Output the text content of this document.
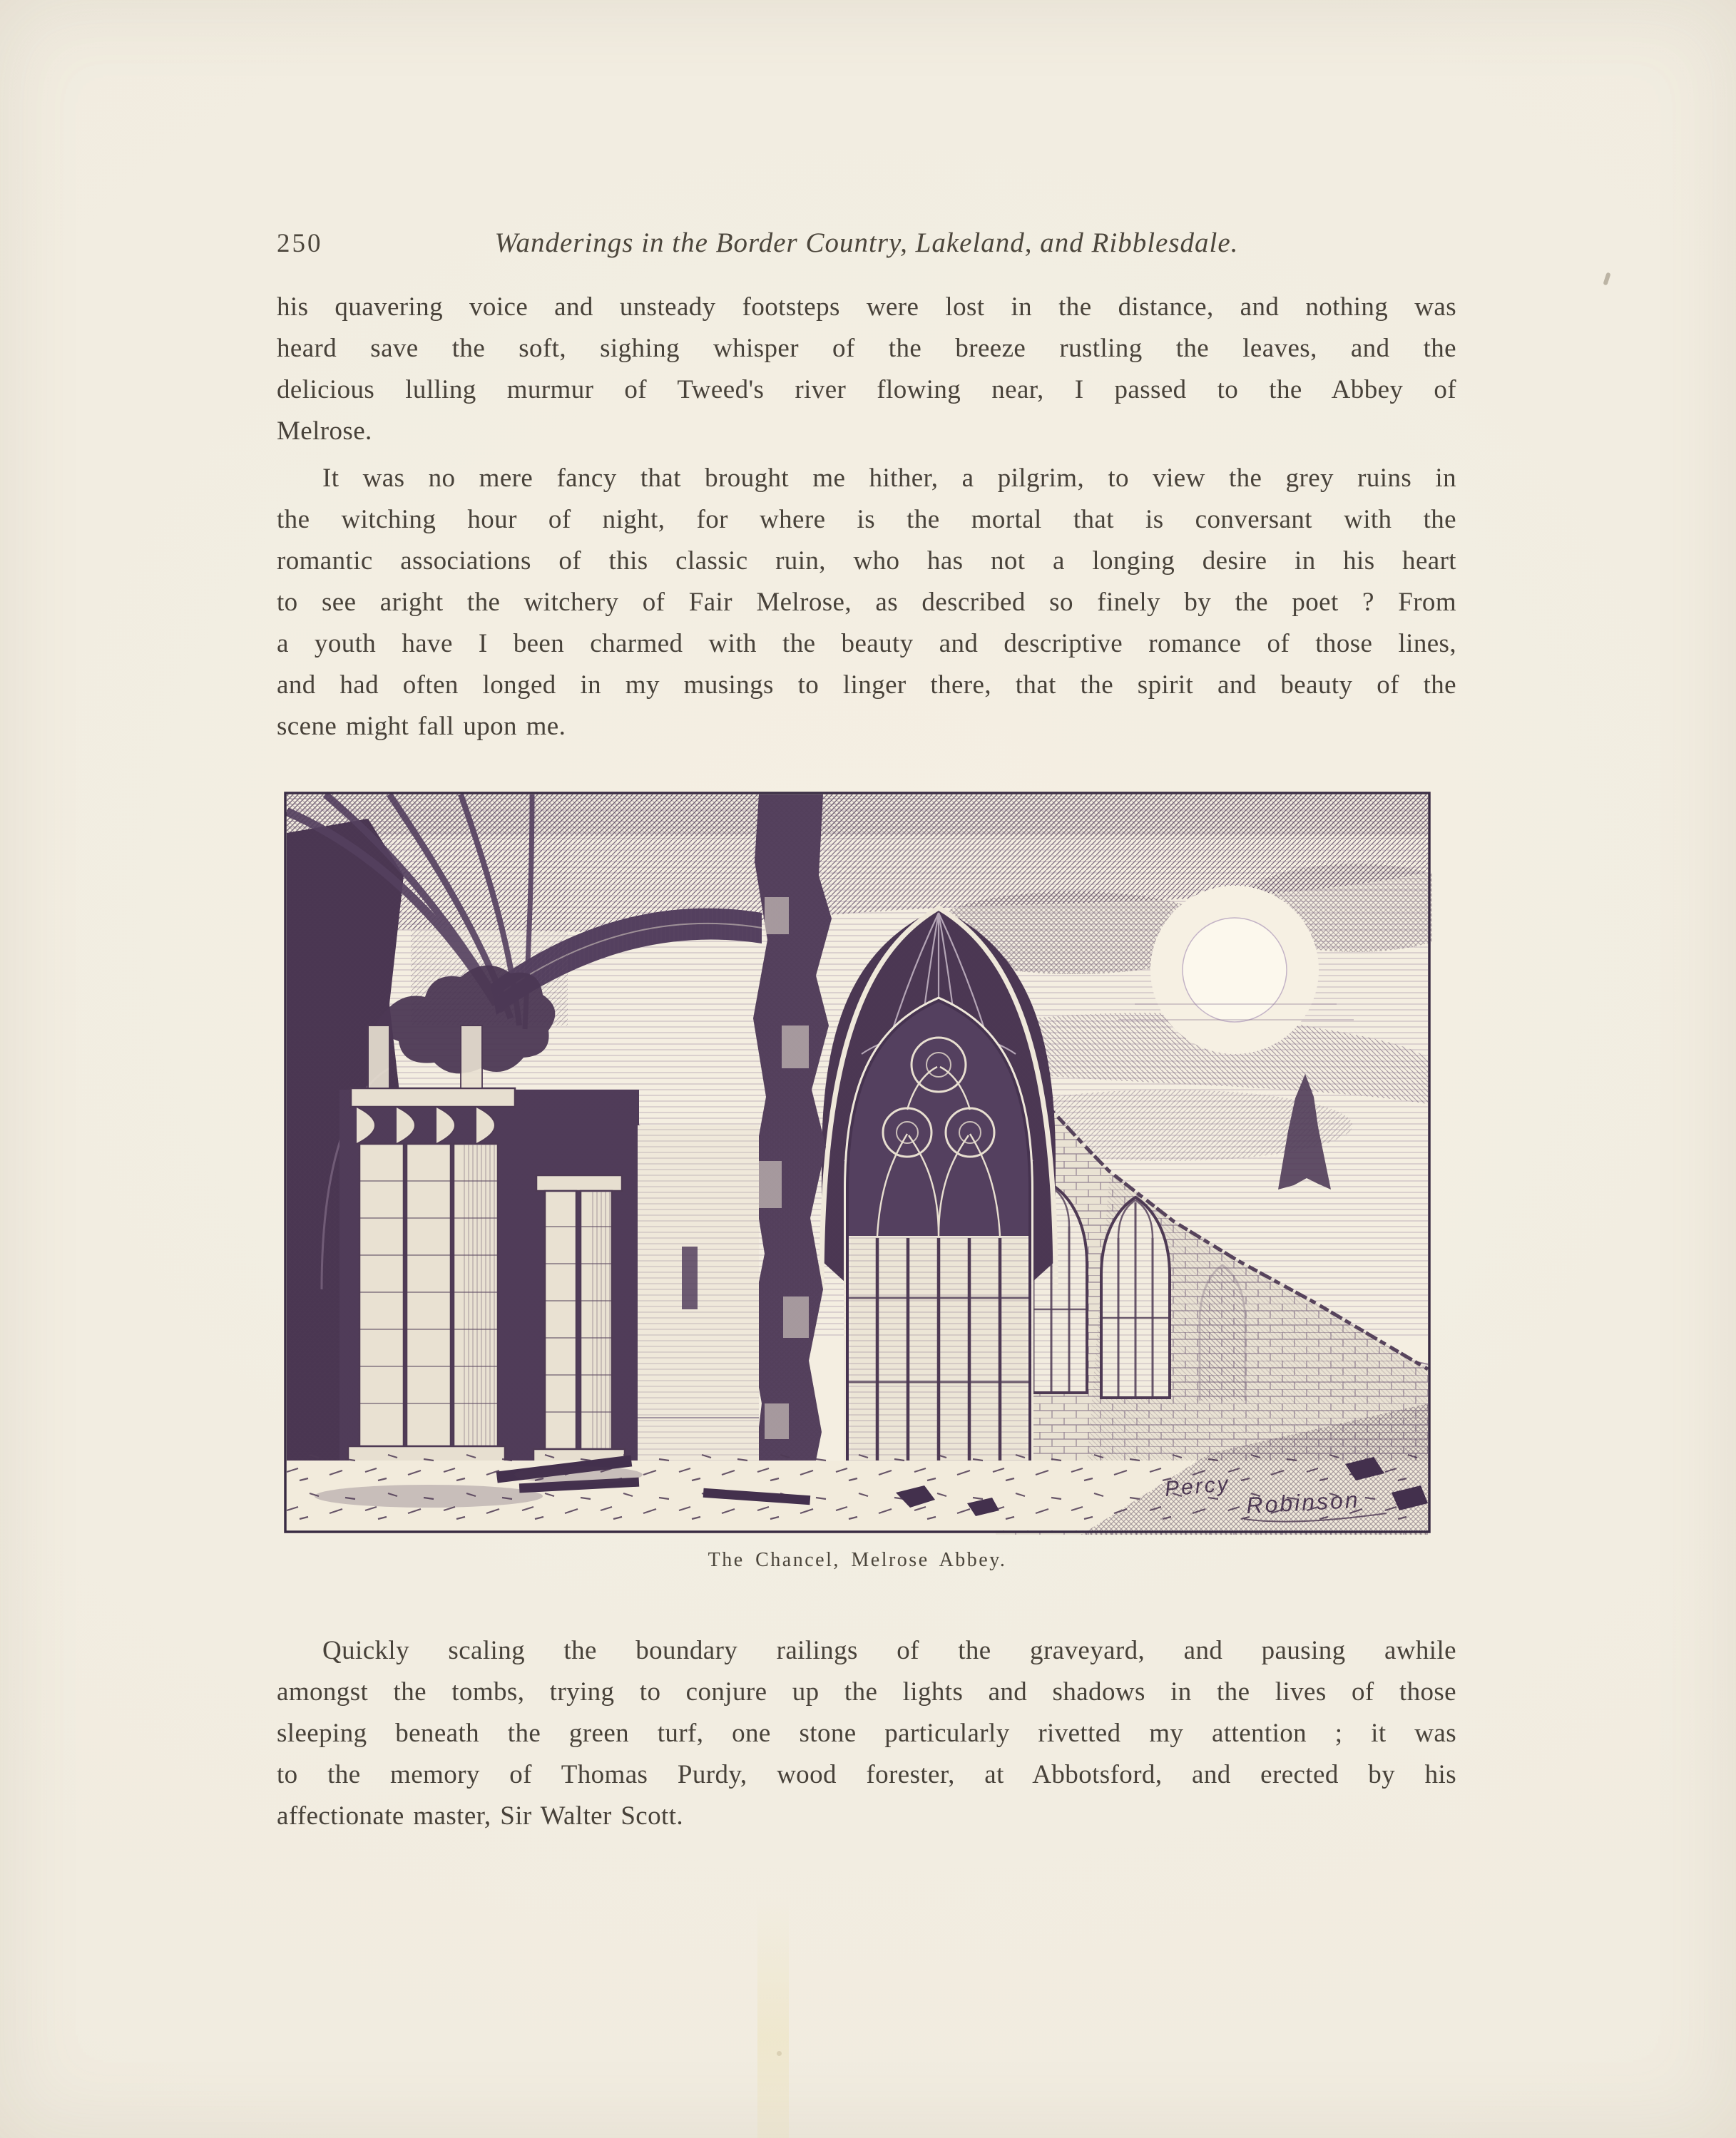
250	Wanderings in the Border Country, Lakeland, and Ribblesdale.
his quavering voice and unsteady footsteps were lost in the distance, and nothing was
heard save the soft, sighing whisper of the breeze rustling the leaves, and the
delicious lulling murmur of Tweed's river flowing near, I passed to the Abbey of
Melrose.
It was no mere fancy that brought me hither, a pilgrim, to view the grey ruins in
the witching hour of night, for where is the mortal that is conversant with the
romantic associations of this classic ruin, who has not a longing desire in his heart
to see aright the witchery of Fair Melrose, as described so finely by the poet ? From
a youth have I been charmed with the beauty and descriptive romance of those lines,
and had often longed in my musings to linger there, that the spirit and beauty of the
scene might fall upon me.
Percy
Robinson
The Chancel, Melrose Abbey.
Quickly scaling the boundary railings of the graveyard, and pausing awhile
amongst the tombs, trying to conjure up the lights and shadows in the lives of those
sleeping beneath the green turf, one stone particularly rivetted my attention ; it was
to the memory of Thomas Purdy, wood forester, at Abbotsford, and erected by his
affectionate master, Sir Walter Scott.
